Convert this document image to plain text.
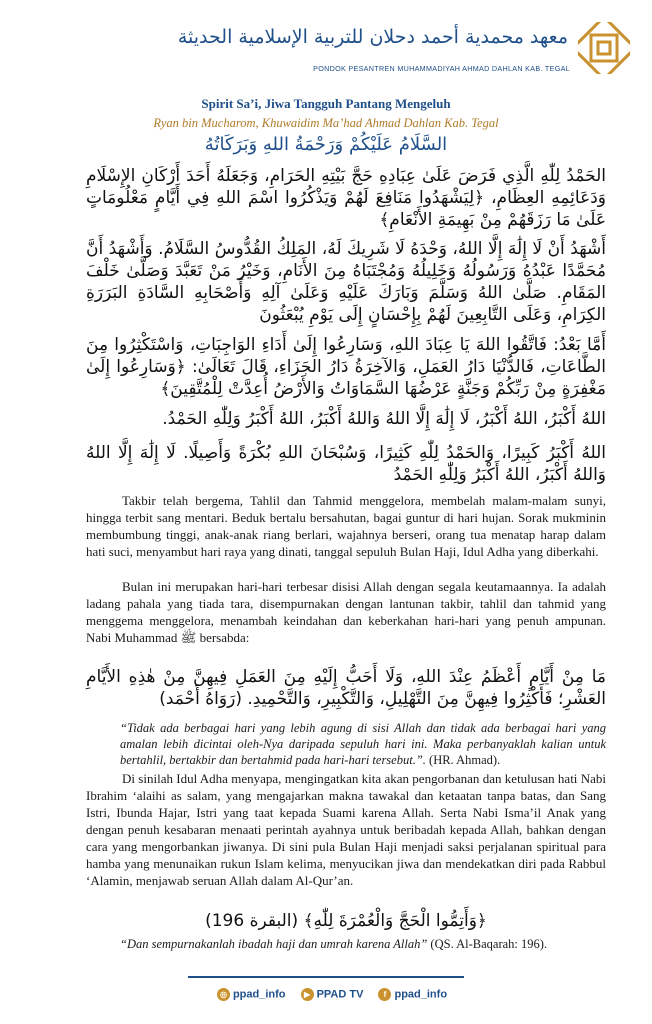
معهد محمدية أحمد دحلان للتربية الإسلامية الحديثة
PONDOK PESANTREN MUHAMMADIYAH AHMAD DAHLAN KAB. TEGAL
Spirit Sa’i, Jiwa Tangguh Pantang Mengeluh
Ryan bin Mucharom, Khuwaidim Ma’had Ahmad Dahlan Kab. Tegal
السَّلَامُ عَلَيْكُمْ وَرَحْمَةُ اللهِ وَبَرَكَاتُهُ
الحَمْدُ لِلّٰهِ الَّذِي فَرَضَ عَلَىٰ عِبَادِهِ حَجَّ بَيْتِهِ الحَرَامِ، وَجَعَلَهُ أَحَدَ أَرْكَانِ الإِسْلَامِ وَدَعَائِمِهِ العِظَامِ، ﴿لِيَشْهَدُوا مَنَافِعَ لَهُمْ وَيَذْكُرُوا اسْمَ اللهِ فِي أَيَّامٍ مَعْلُومَاتٍ عَلَىٰ مَا رَزَقَهُمْ مِنْ بَهِيمَةِ الأَنْعَامِ﴾
أَشْهَدُ أَنْ لَا إِلَٰهَ إِلَّا اللهُ، وَحْدَهُ لَا شَرِيكَ لَهُ، المَلِكُ القُدُّوسُ السَّلَامُ. وَأَشْهَدُ أَنَّ مُحَمَّدًا عَبْدُهُ وَرَسُولُهُ وَخَلِيلُهُ وَمُجْتَبَاهُ مِنَ الأَنَامِ، وَخَيْرُ مَنْ تَعَبَّدَ وَصَلَّىٰ خَلْفَ المَقَامِ. صَلَّىٰ اللهُ وَسَلَّمَ وَبَارَكَ عَلَيْهِ وَعَلَىٰ آلِهِ وَأَصْحَابِهِ السَّادَةِ البَرَرَةِ الكِرَامِ، وَعَلَى التَّابِعِينَ لَهُمْ بِإِحْسَانٍ إِلَى يَوْمِ يُبْعَثُونَ
أَمَّا بَعْدُ: فَاتَّقُوا اللهَ يَا عِبَادَ اللهِ، وَسَارِعُوا إِلَىٰ أَدَاءِ الوَاجِبَاتِ، وَاسْتَكْثِرُوا مِنَ الطَّاعَاتِ، فَالدُّنْيَا دَارُ العَمَلِ، وَالآخِرَةُ دَارُ الجَزَاءِ، قَالَ تَعَالَىٰ: ﴿وَسَارِعُوا إِلَىٰ مَغْفِرَةٍ مِنْ رَبِّكُمْ وَجَنَّةٍ عَرْضُهَا السَّمَاوَاتُ وَالأَرْضُ أُعِدَّتْ لِلْمُتَّقِينَ﴾
اللهُ أَكْبَرُ، اللهُ أَكْبَرُ، لَا إِلَٰهَ إِلَّا اللهُ وَاللهُ أَكْبَرُ، اللهُ أَكْبَرُ وَلِلّٰهِ الحَمْدُ.
اللهُ أَكْبَرُ كَبِيرًا، وَالحَمْدُ لِلّٰهِ كَثِيرًا، وَسُبْحَانَ اللهِ بُكْرَةً وَأَصِيلًا. لَا إِلَٰهَ إِلَّا اللهُ وَاللهُ أَكْبَرُ، اللهُ أَكْبَرُ وَلِلّٰهِ الحَمْدُ
Takbir telah bergema, Tahlil dan Tahmid menggelora, membelah malam-malam sunyi, hingga terbit sang mentari. Beduk bertalu bersahutan, bagai guntur di hari hujan. Sorak mukminin membumbung tinggi, anak-anak riang berlari, wajahnya berseri, orang tua menatap harap dalam hati suci, menyambut hari raya yang dinati, tanggal sepuluh Bulan Haji, Idul Adha yang diberkahi.
Bulan ini merupakan hari-hari terbesar disisi Allah dengan segala keutamaannya. Ia adalah ladang pahala yang tiada tara, disempurnakan dengan lantunan takbir, tahlil dan tahmid yang menggema menggelora, menambah keindahan dan keberkahan hari-hari yang penuh ampunan. Nabi Muhammad ﷺ bersabda:
مَا مِنْ أَيَّامٍ أَعْظَمُ عِنْدَ اللهِ، وَلَا أَحَبُّ إِلَيْهِ مِنَ العَمَلِ فِيهِنَّ مِنْ هٰذِهِ الأَيَّامِ العَشْرِ؛ فَأَكْثِرُوا فِيهِنَّ مِنَ التَّهْلِيلِ، وَالتَّكْبِيرِ، وَالتَّحْمِيدِ. (رَوَاهُ أَحْمَد)
“Tidak ada berbagai hari yang lebih agung di sisi Allah dan tidak ada berbagai hari yang amalan lebih dicintai oleh-Nya daripada sepuluh hari ini. Maka perbanyaklah kalian untuk bertahlil, bertakbir dan bertahmid pada hari-hari tersebut.”. (HR. Ahmad).
Di sinilah Idul Adha menyapa, mengingatkan kita akan pengorbanan dan ketulusan hati Nabi Ibrahim ‘alaihi as salam, yang mengajarkan makna tawakal dan ketaatan tanpa batas, dan Sang Istri, Ibunda Hajar, Istri yang taat kepada Suami karena Allah. Serta Nabi Isma’il Anak yang dengan penuh kesabaran menaati perintah ayahnya untuk beribadah kepada Allah, bahkan dengan cara yang mengorbankan jiwanya. Di sini pula Bulan Haji menjadi saksi perjalanan spiritual para hamba yang menunaikan rukun Islam kelima, menyucikan jiwa dan mendekatkan diri pada Rabbul ‘Alamin, menjawab seruan Allah dalam Al-Qur’an.
﴿وَأَتِمُّوا الْحَجَّ وَالْعُمْرَةَ لِلّٰهِ﴾ (البقرة 196)
“Dan sempurnakanlah ibadah haji dan umrah karena Allah” (QS. Al-Baqarah: 196).
◎ ppad_info ▶ PPAD TV	f ppad_info
